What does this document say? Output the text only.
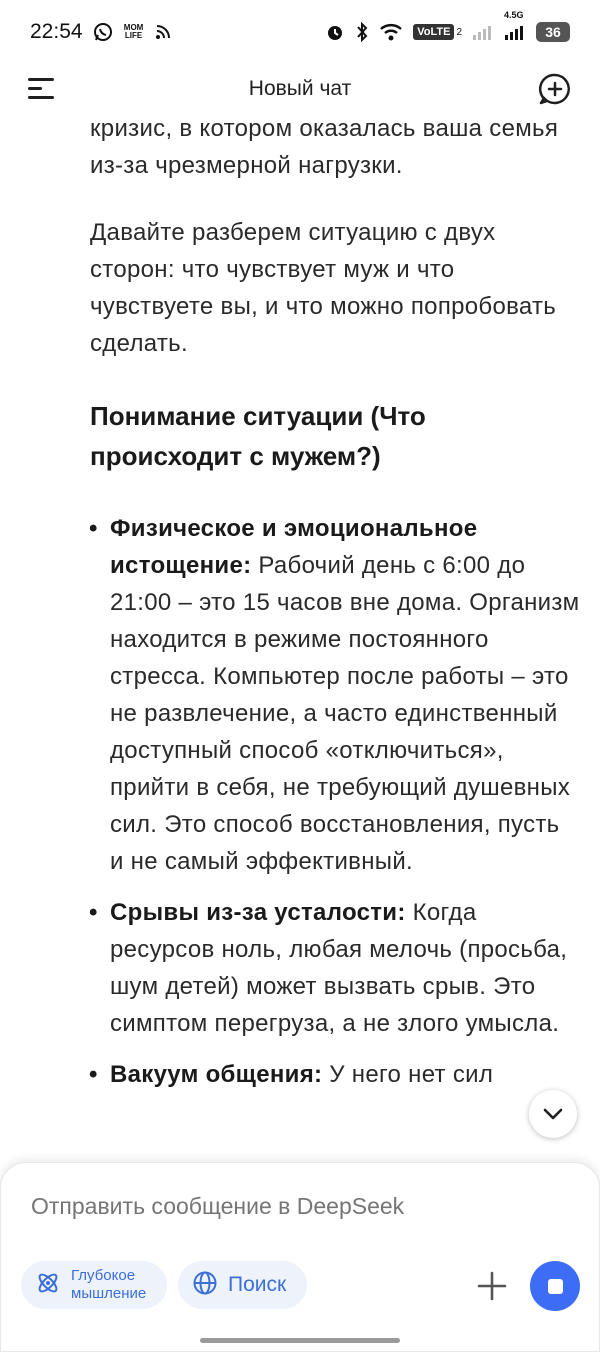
22:54	MOM
LIFE	VoLTE 2
4.5G
36
Новый чат

кризис, в котором оказалась ваша семья из-за чрезмерной нагрузки.

Давайте разберем ситуацию с двух сторон: что чувствует муж и что чувствуете вы, и что можно попробовать сделать.

Понимание ситуации (Что происходит с мужем?)

• Физическое и эмоциональное истощение: Рабочий день с 6:00 до 21:00 – это 15 часов вне дома. Организм находится в режиме постоянного стресса. Компьютер после работы – это не развлечение, а часто единственный доступный способ «отключиться», прийти в себя, не требующий душевных сил. Это способ восстановления, пусть и не самый эффективный.
• Срывы из-за усталости: Когда ресурсов ноль, любая мелочь (просьба, шум детей) может вызвать срыв. Это симптом перегруза, а не злого умысла.
• Вакуум общения: У него нет сил
Отправить сообщение в DeepSeek
Глубокое мышление	Поиск
